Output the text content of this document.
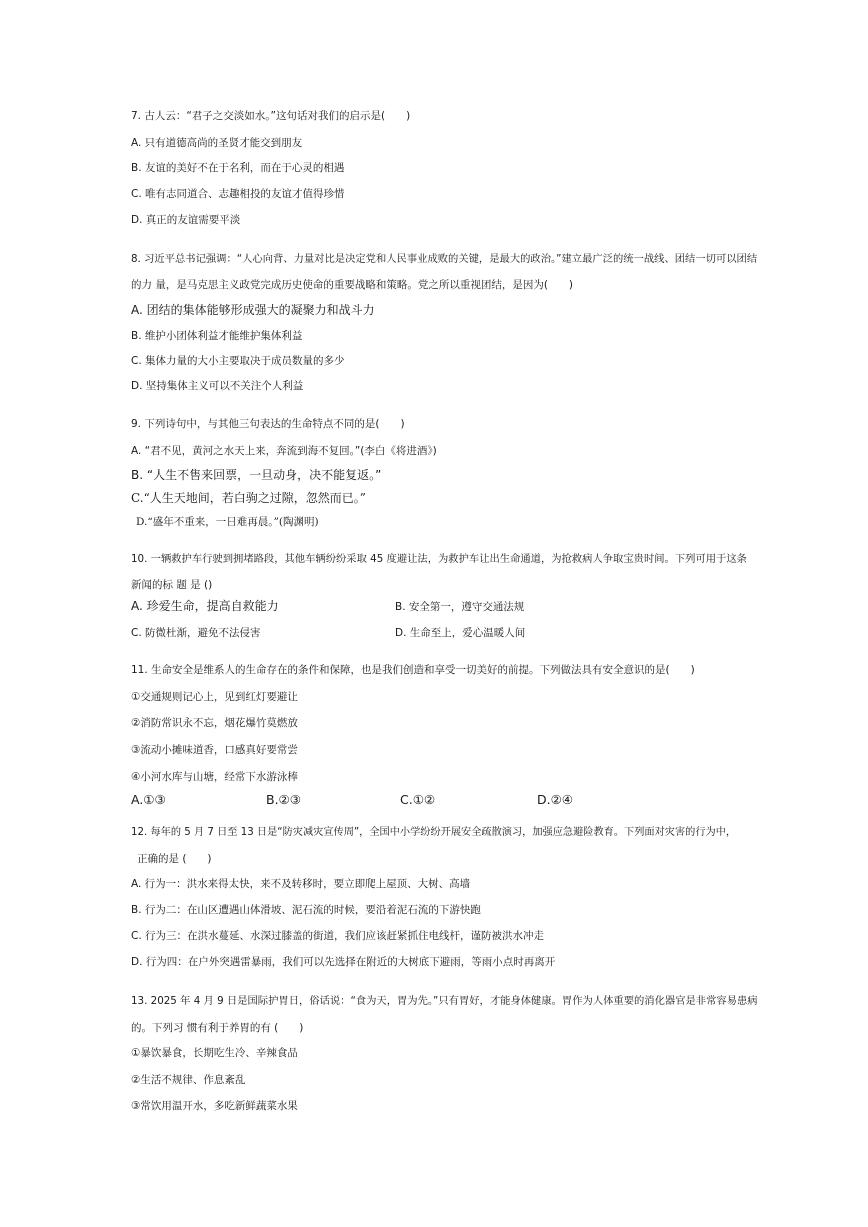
7. 古人云：“君子之交淡如水。”这句话对我们的启示是(　　)
A. 只有道德高尚的圣贤才能交到朋友
B. 友谊的美好不在于名利，而在于心灵的相遇
C. 唯有志同道合、志趣相投的友谊才值得珍惜
D. 真正的友谊需要平淡
8. 习近平总书记强调：“人心向背、力量对比是决定党和人民事业成败的关键，是最大的政治。”建立最广泛的统一战线、团结一切可以团结
的力 量，是马克思主义政党完成历史使命的重要战略和策略。党之所以重视团结，是因为(　　)
A. 团结的集体能够形成强大的凝聚力和战斗力
B. 维护小团体利益才能维护集体利益
C. 集体力量的大小主要取决于成员数量的多少
D. 坚持集体主义可以不关注个人利益
9. 下列诗句中，与其他三句表达的生命特点不同的是(　　)
A. “君不见，黄河之水天上来，奔流到海不复回。”(李白《将进酒》)
B. “人生不售来回票，一旦动身，决不能复返。”
C.“人生天地间，若白驹之过隙，忽然而已。”
D.“盛年不重来，一日难再晨。”(陶渊明)
10. 一辆救护车行驶到拥堵路段，其他车辆纷纷采取 45 度避让法，为救护车让出生命通道，为抢救病人争取宝贵时间。下列可用于这条
新闻的标 题 是 ()
A. 珍爱生命，提高自救能力	B. 安全第一，遵守交通法规
C. 防微杜渐，避免不法侵害	D. 生命至上，爱心温暖人间
11. 生命安全是维系人的生命存在的条件和保障，也是我们创造和享受一切美好的前提。下列做法具有安全意识的是(　　)
①交通规则记心上，见到红灯要避让
②消防常识永不忘，烟花爆竹莫燃放
③流动小摊味道香，口感真好要常尝
④小河水库与山塘，经常下水游泳棒
A.①③	B.②③	C.①②	D.②④
12. 每年的 5 月 7 日至 13 日是“防灾减灾宣传周”，全国中小学纷纷开展安全疏散演习，加强应急避险教育。下列面对灾害的行为中，
正确的是 (　　)
A. 行为一：洪水来得太快，来不及转移时，要立即爬上屋顶、大树、高墙
B. 行为二：在山区遭遇山体滑坡、泥石流的时候，要沿着泥石流的下游快跑
C. 行为三：在洪水蔓延、水深过膝盖的街道，我们应该赶紧抓住电线杆，谨防被洪水冲走
D. 行为四：在户外突遇雷暴雨，我们可以先选择在附近的大树底下避雨，等雨小点时再离开
13. 2025 年 4 月 9 日是国际护胃日，俗话说：“食为天，胃为先。”只有胃好，才能身体健康。胃作为人体重要的消化器官是非常容易患病
的。下列习 惯有利于养胃的有 (　　)
①暴饮暴食，长期吃生冷、辛辣食品
②生活不规律、作息紊乱
③常饮用温开水，多吃新鲜蔬菜水果
